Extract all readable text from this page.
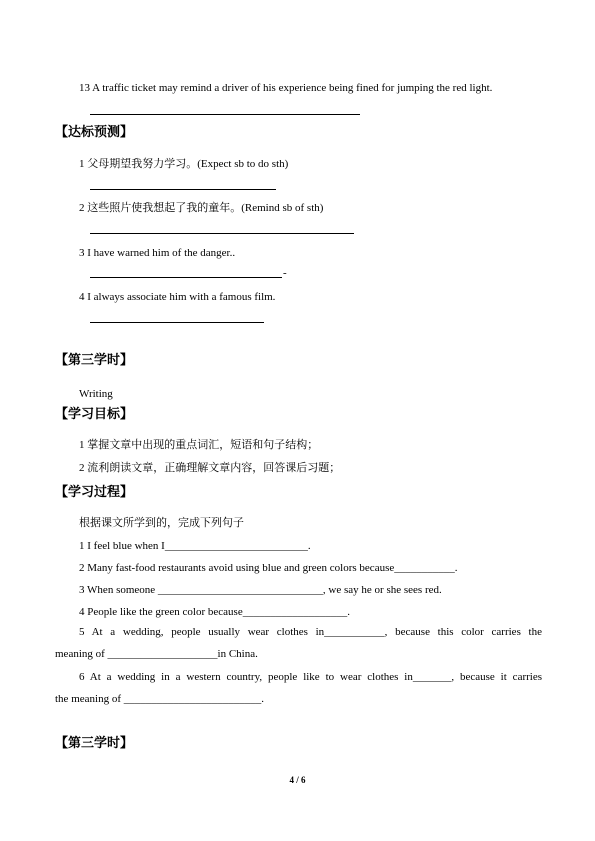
13 A traffic ticket may remind a driver of his experience being fined for jumping the red light.
【达标预测】
1 父母期望我努力学习。(Expect sb to do sth)
2 这些照片使我想起了我的童年。(Remind sb of sth)
3 I have warned him of the danger..
-
4 I always associate him with a famous film.
【第三学时】
Writing
【学习目标】
1 掌握文章中出现的重点词汇，短语和句子结构；
2 流利朗读文章，正确理解文章内容，回答课后习题；
【学习过程】
根据课文所学到的，完成下列句子
1 I feel blue when I__________________________.
2 Many fast-food restaurants avoid using blue and green colors because___________.
3 When someone ______________________________, we say he or she sees red.
4 People like the green color because___________________.
5 At a wedding, people usually wear clothes in___________, because this color carries the
meaning of ____________________in China.
6 At a wedding in a western country, people like to wear clothes in_______, because it carries
the meaning of _________________________.
【第三学时】
4 / 6
